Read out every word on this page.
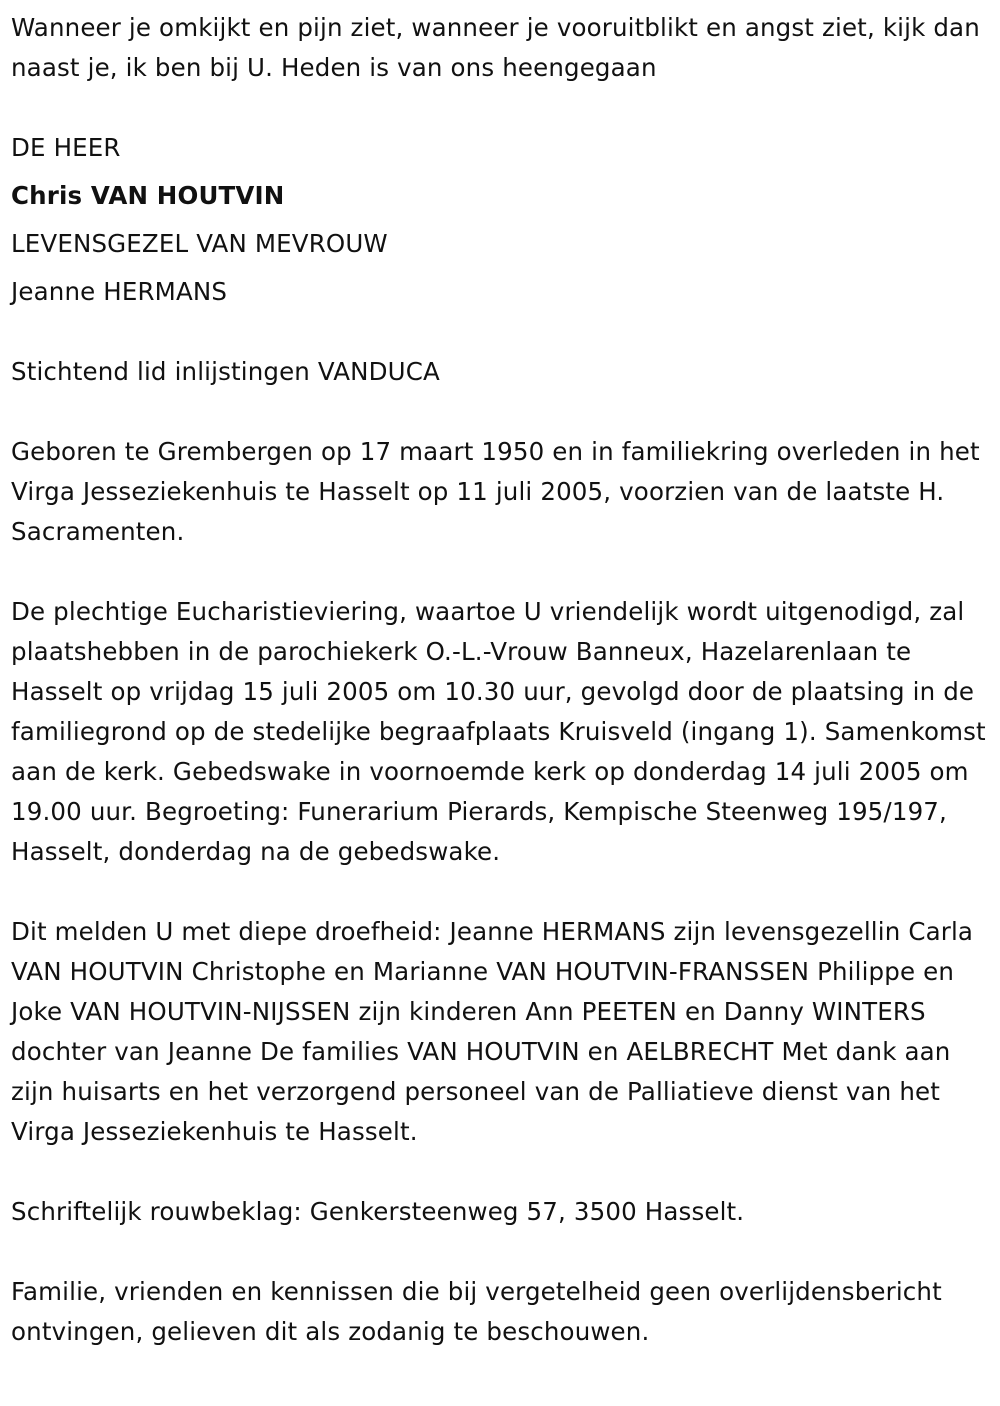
Wanneer je omkijkt en pijn ziet, wanneer je vooruitblikt en angst ziet, kijk dan naast je, ik ben bij U. Heden is van ons heengegaan

DE HEER

Chris VAN HOUTVIN

LEVENSGEZEL VAN MEVROUW

Jeanne HERMANS

Stichtend lid inlijstingen VANDUCA

Geboren te Grembergen op 17 maart 1950 en in familiekring overleden in het Virga Jesseziekenhuis te Hasselt op 11 juli 2005, voorzien van de laatste H. Sacramenten.

De plechtige Eucharistieviering, waartoe U vriendelijk wordt uitgenodigd, zal plaatshebben in de parochiekerk O.-L.-Vrouw Banneux, Hazelarenlaan te Hasselt op vrijdag 15 juli 2005 om 10.30 uur, gevolgd door de plaatsing in de familiegrond op de stedelijke begraafplaats Kruisveld (ingang 1). Samenkomst aan de kerk. Gebedswake in voornoemde kerk op donderdag 14 juli 2005 om 19.00 uur. Begroeting: Funerarium Pierards, Kempische Steenweg 195/197, Hasselt, donderdag na de gebedswake.

Dit melden U met diepe droefheid: Jeanne HERMANS zijn levensgezellin Carla VAN HOUTVIN Christophe en Marianne VAN HOUTVIN-FRANSSEN Philippe en Joke VAN HOUTVIN-NIJSSEN zijn kinderen Ann PEETEN en Danny WINTERS dochter van Jeanne De families VAN HOUTVIN en AELBRECHT Met dank aan zijn huisarts en het verzorgend personeel van de Palliatieve dienst van het Virga Jesseziekenhuis te Hasselt.

Schriftelijk rouwbeklag: Genkersteenweg 57, 3500 Hasselt.

Familie, vrienden en kennissen die bij vergetelheid geen overlijdensbericht ontvingen, gelieven dit als zodanig te beschouwen.
